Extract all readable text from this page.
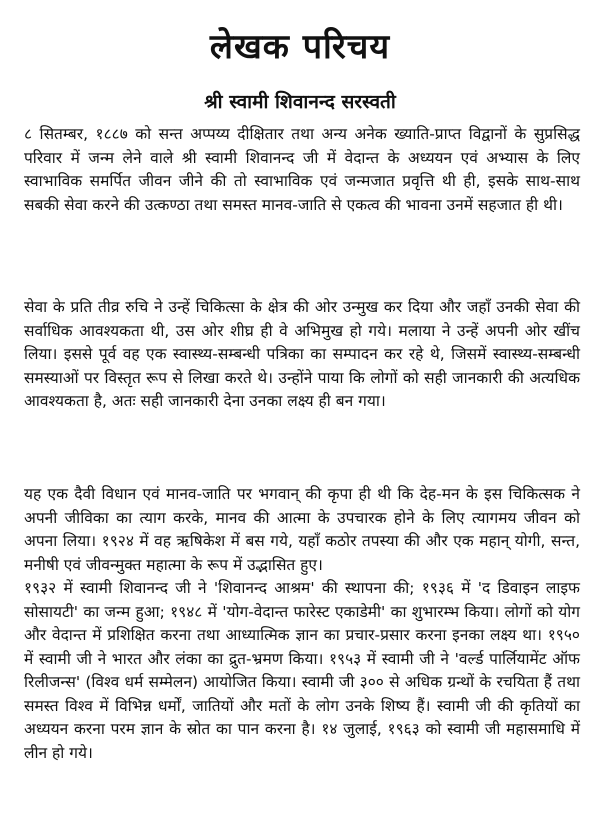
लेखक परिचय
श्री स्वामी शिवानन्द सरस्वती

८ सितम्बर, १८८७ को सन्त अप्पय्य दीक्षितार तथा अन्य अनेक ख्याति-प्राप्त विद्वानों के सुप्रसिद्ध परिवार में जन्म लेने वाले श्री स्वामी शिवानन्द जी में वेदान्त के अध्ययन एवं अभ्यास के लिए स्वाभाविक समर्पित जीवन जीने की तो स्वाभाविक एवं जन्मजात प्रवृत्ति थी ही, इसके साथ-साथ सबकी सेवा करने की उत्कण्ठा तथा समस्त मानव-जाति से एकत्व की भावना उनमें सहजात ही थी।

सेवा के प्रति तीव्र रुचि ने उन्हें चिकित्सा के क्षेत्र की ओर उन्मुख कर दिया और जहाँ उनकी सेवा की सर्वाधिक आवश्यकता थी, उस ओर शीघ्र ही वे अभिमुख हो गये। मलाया ने उन्हें अपनी ओर खींच लिया। इससे पूर्व वह एक स्वास्थ्य-सम्बन्धी पत्रिका का सम्पादन कर रहे थे, जिसमें स्वास्थ्य-सम्बन्धी समस्याओं पर विस्तृत रूप से लिखा करते थे। उन्होंने पाया कि लोगों को सही जानकारी की अत्यधिक आवश्यकता है, अतः सही जानकारी देना उनका लक्ष्य ही बन गया।

यह एक दैवी विधान एवं मानव-जाति पर भगवान् की कृपा ही थी कि देह-मन के इस चिकित्सक ने अपनी जीविका का त्याग करके, मानव की आत्मा के उपचारक होने के लिए त्यागमय जीवन को अपना लिया। १९२४ में वह ऋषिकेश में बस गये, यहाँ कठोर तपस्या की और एक महान् योगी, सन्त, मनीषी एवं जीवन्मुक्त महात्मा के रूप में उद्भासित हुए।

१९३२ में स्वामी शिवानन्द जी ने 'शिवानन्द आश्रम' की स्थापना की; १९३६ में 'द डिवाइन लाइफ सोसायटी' का जन्म हुआ; १९४८ में 'योग-वेदान्त फारेस्ट एकाडेमी' का शुभारम्भ किया। लोगों को योग और वेदान्त में प्रशिक्षित करना तथा आध्यात्मिक ज्ञान का प्रचार-प्रसार करना इनका लक्ष्य था। १९५० में स्वामी जी ने भारत और लंका का द्रुत-भ्रमण किया। १९५३ में स्वामी जी ने 'वर्ल्ड पार्लियामेंट ऑफ रिलीजन्स' (विश्व धर्म सम्मेलन) आयोजित किया। स्वामी जी ३०० से अधिक ग्रन्थों के रचयिता हैं तथा समस्त विश्व में विभिन्न धर्मों, जातियों और मतों के लोग उनके शिष्य हैं। स्वामी जी की कृतियों का अध्ययन करना परम ज्ञान के स्रोत का पान करना है। १४ जुलाई, १९६३ को स्वामी जी महासमाधि में लीन हो गये।
